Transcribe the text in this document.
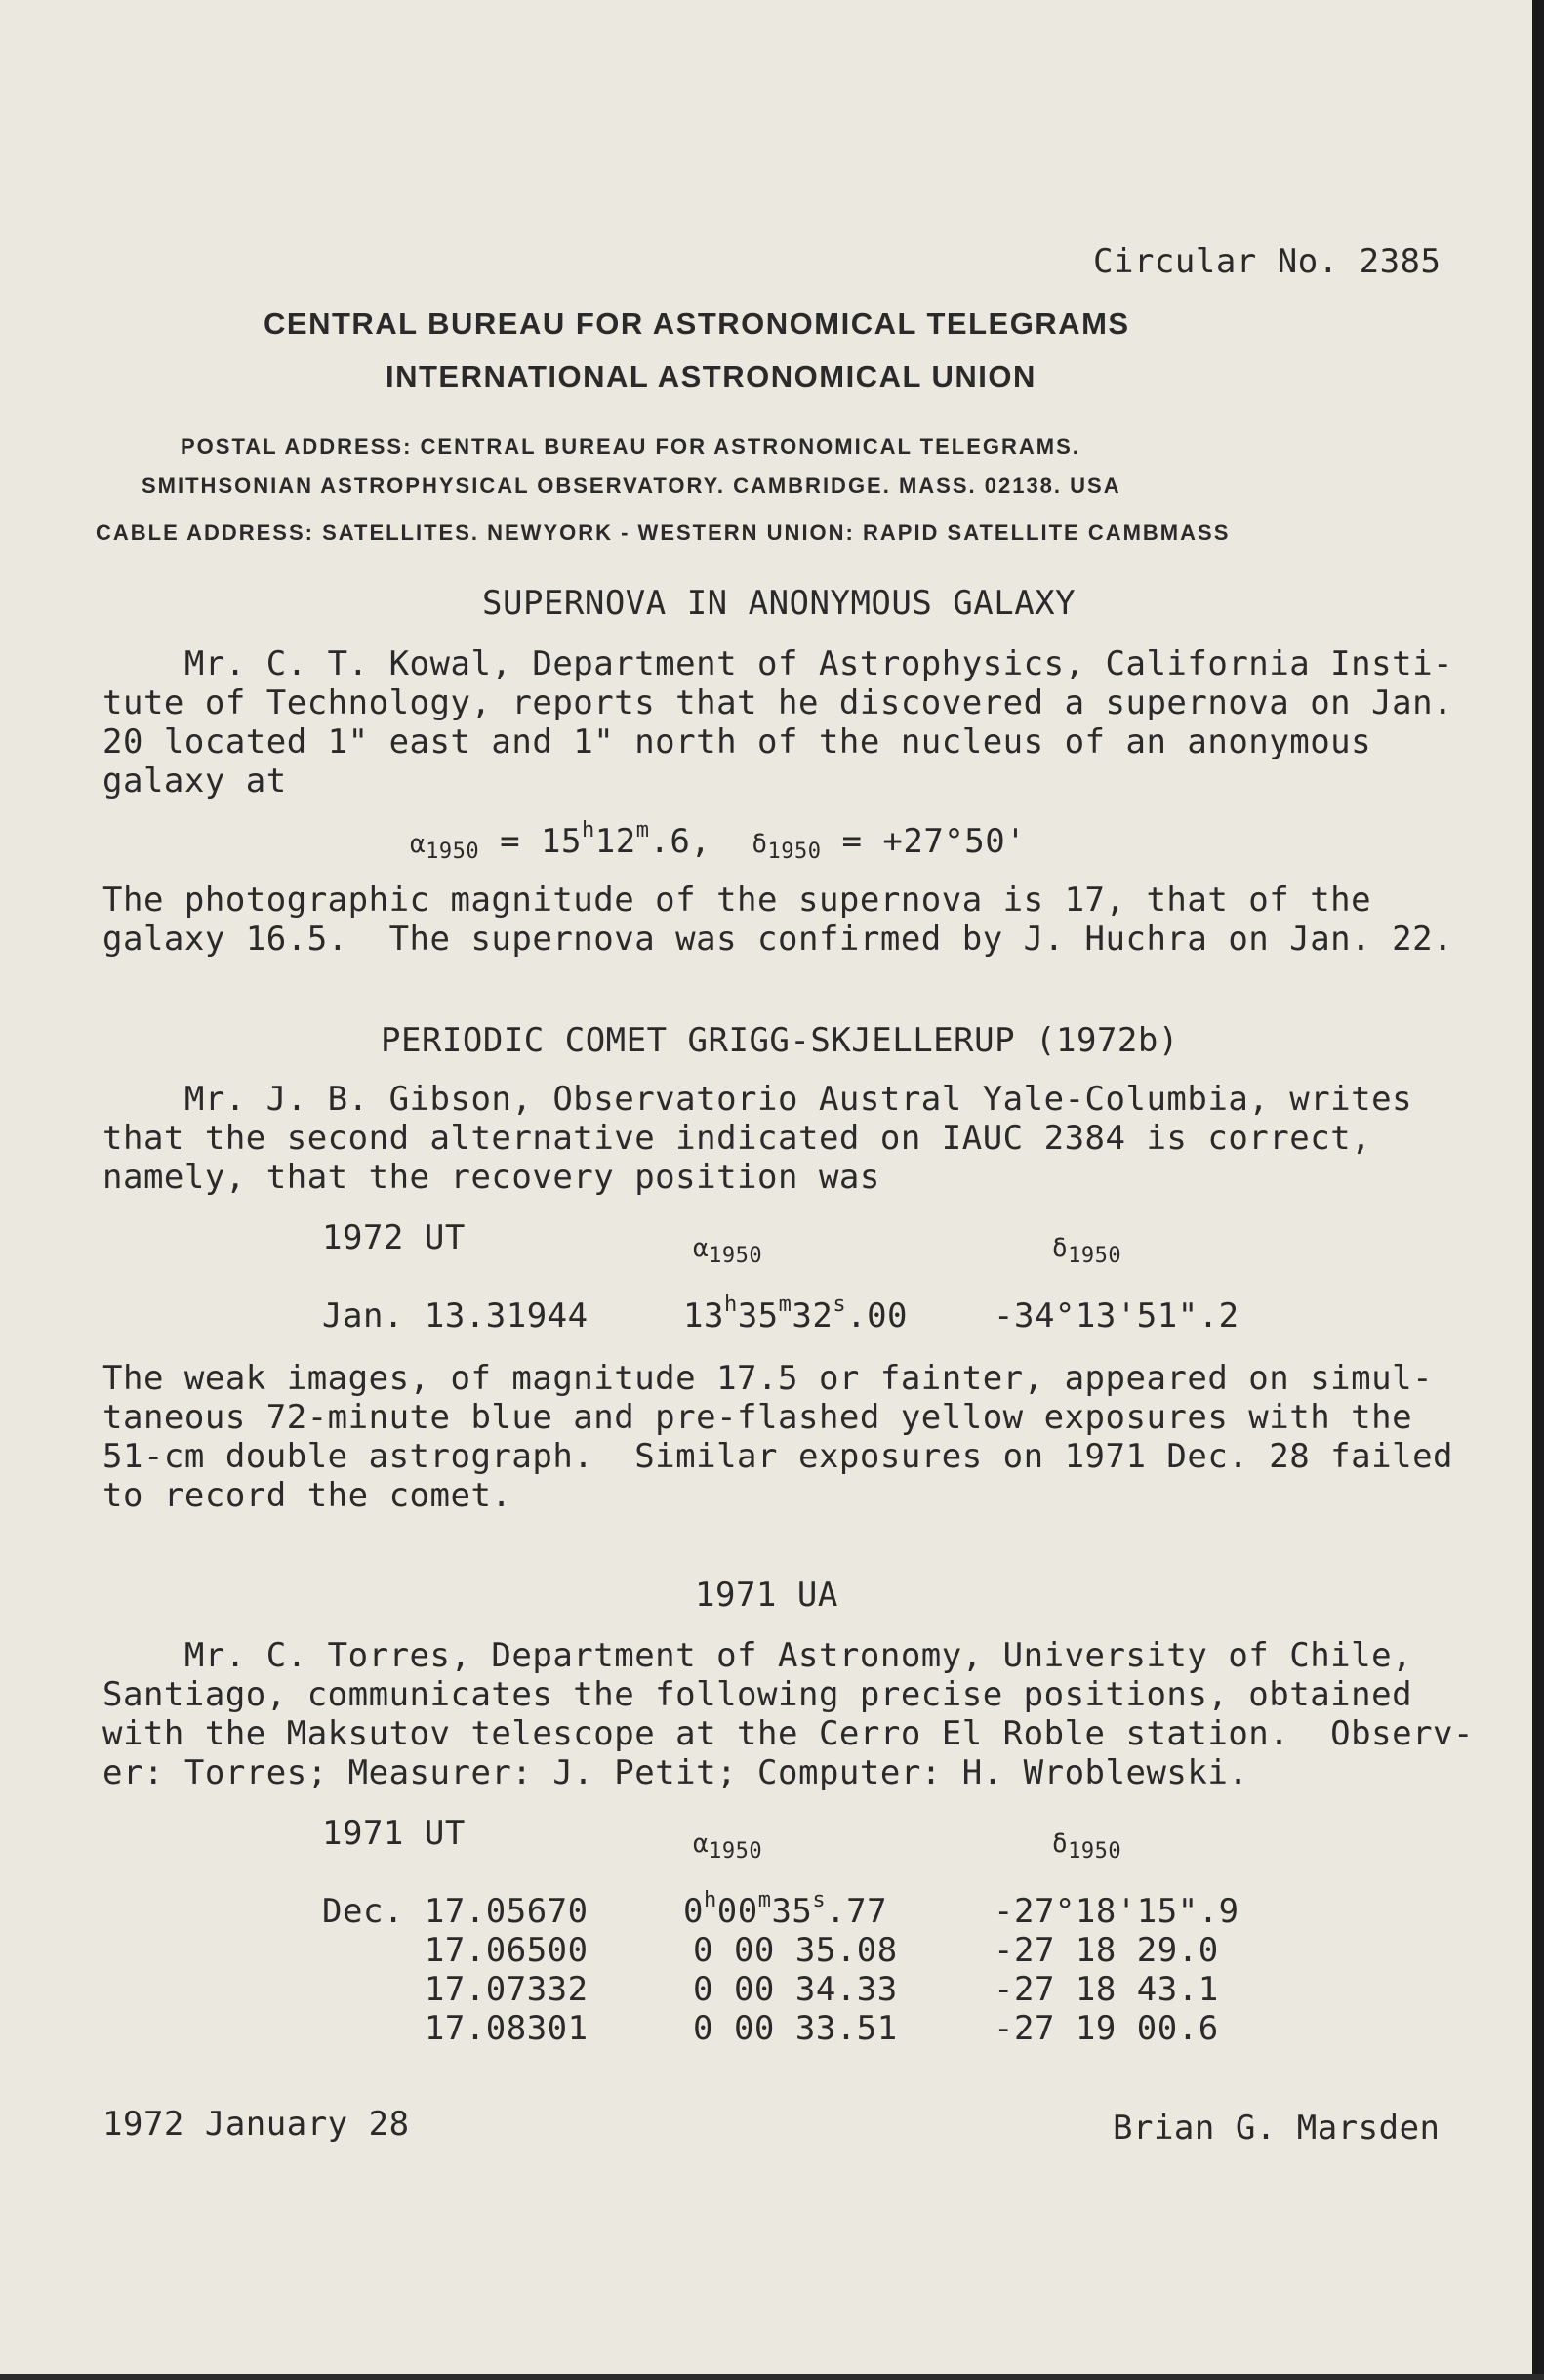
Circular No. 2385
CENTRAL BUREAU FOR ASTRONOMICAL TELEGRAMS
INTERNATIONAL ASTRONOMICAL UNION
POSTAL ADDRESS: CENTRAL BUREAU FOR ASTRONOMICAL TELEGRAMS.
SMITHSONIAN ASTROPHYSICAL OBSERVATORY. CAMBRIDGE. MASS. 02138. USA
CABLE ADDRESS: SATELLITES. NEWYORK - WESTERN UNION: RAPID SATELLITE CAMBMASS
SUPERNOVA IN ANONYMOUS GALAXY
Mr. C. T. Kowal, Department of Astrophysics, California Insti-
tute of Technology, reports that he discovered a supernova on Jan.
20 located 1" east and 1" north of the nucleus of an anonymous
galaxy at
$\alpha_{1950} = 15^h12^m.6$, $\delta_{1950} = +27^\circ 50'$
The photographic magnitude of the supernova is 17, that of the
galaxy 16.5.  The supernova was confirmed by J. Huchra on Jan. 22.
PERIODIC COMET GRIGG-SKJELLERUP (1972b)
Mr. J. B. Gibson, Observatorio Austral Yale-Columbia, writes
that the second alternative indicated on IAUC 2384 is correct,
namely, that the recovery position was
1972 UT	$\alpha_{1950}$	$\delta_{1950}$
Jan. 13.31944	13$^h$35$^m$32$^s$.00	-34°13'51".2
The weak images, of magnitude 17.5 or fainter, appeared on simul-
taneous 72-minute blue and pre-flashed yellow exposures with the
51-cm double astrograph.  Similar exposures on 1971 Dec. 28 failed
to record the comet.
1971 UA
Mr. C. Torres, Department of Astronomy, University of Chile,
Santiago, communicates the following precise positions, obtained
with the Maksutov telescope at the Cerro El Roble station.  Observ-
er: Torres; Measurer: J. Petit; Computer: H. Wroblewski.
1971 UT	$\alpha_{1950}$	$\delta_{1950}$
Dec. 17.05670	0$^h$00$^m$35$^s$.77	-27°18'15".9
17.06500	0 00 35.08	-27 18 29.0
17.07332	0 00 34.33	-27 18 43.1
17.08301	0 00 33.51	-27 19 00.6
1972 January 28	Brian G. Marsden
